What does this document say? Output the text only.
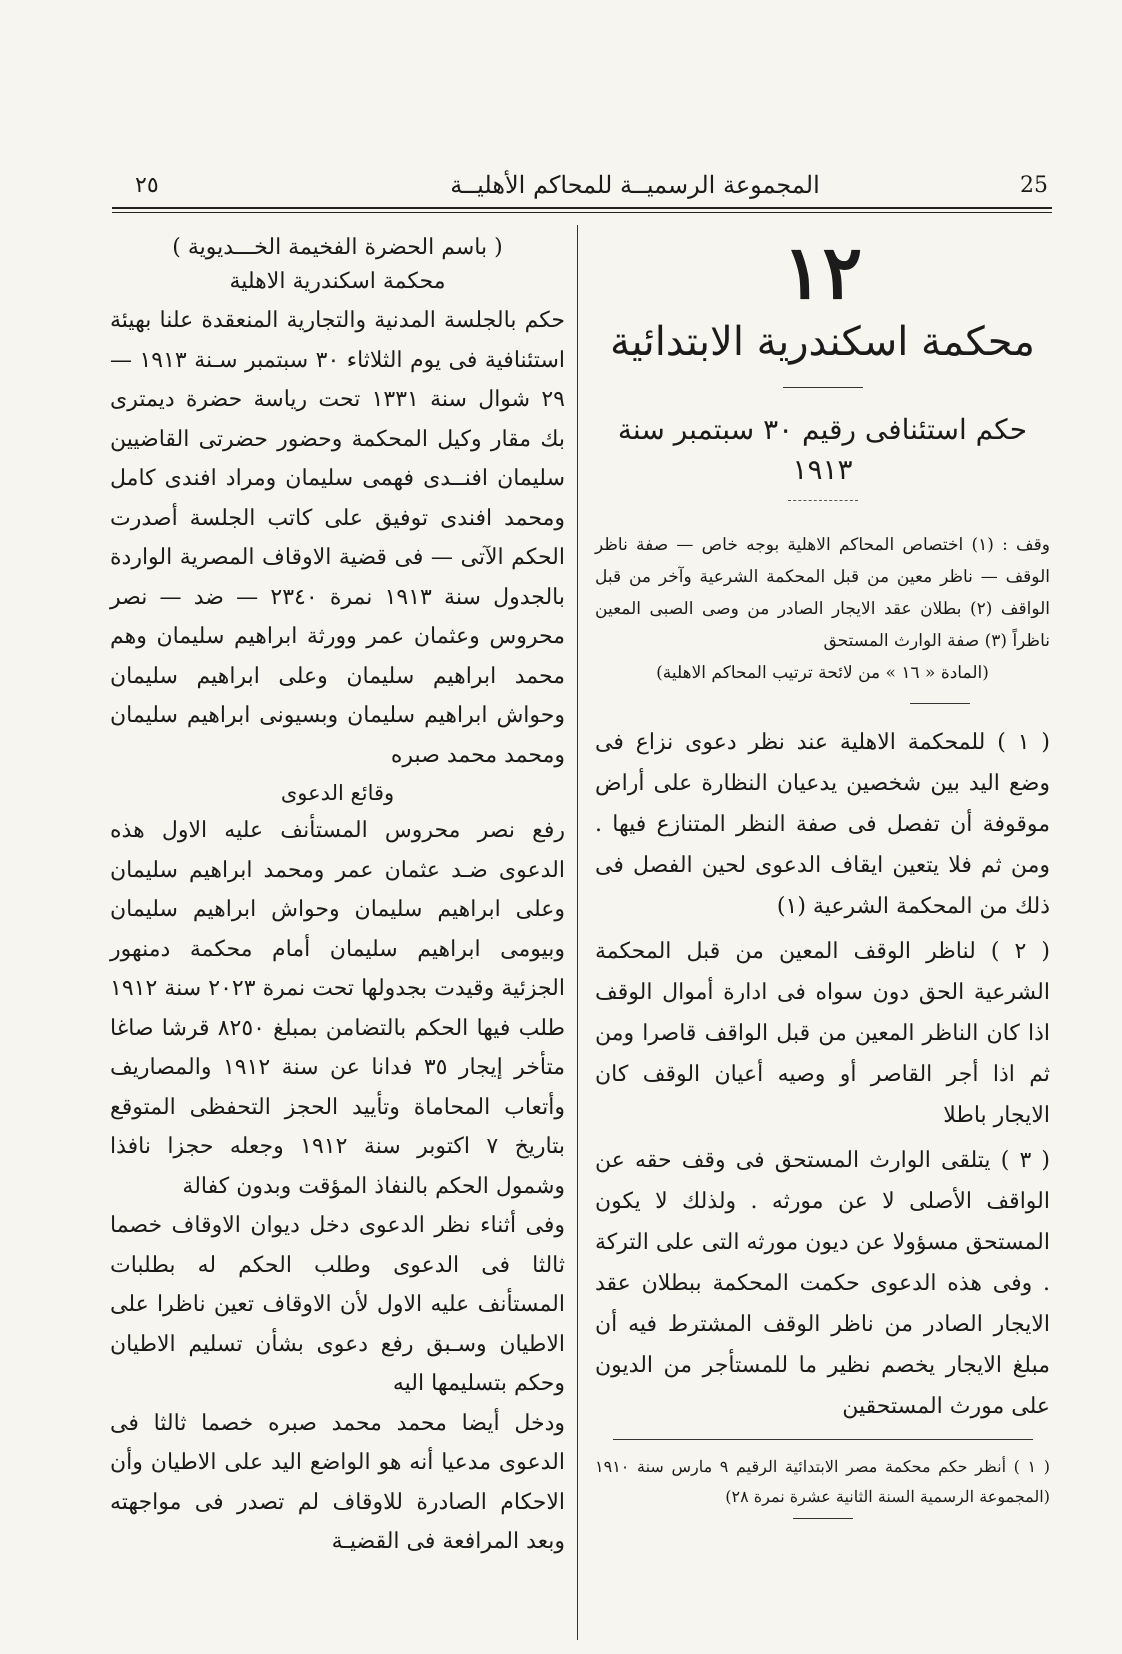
25
المجموعة الرسميــة للمحاكم الأهليــة
٢٥
١٢
محكمة اسكندرية الابتدائية
حكم استئنافى رقيم ٣٠ سبتمبر سنة ١٩١٣

وقف : (١) اختصاص المحاكم الاهلية بوجه خاص — صفة ناظر الوقف — ناظر معين من قبل المحكمة الشرعية وآخر من قبل الواقف (٢) بطلان عقد الايجار الصادر من وصى الصبى المعين ناظراً (٣) صفة الوارث المستحق

(المادة « ١٦ » من لائحة ترتيب المحاكم الاهلية)

( ١ ) للمحكمة الاهلية عند نظر دعوى نزاع فى وضع اليد بين شخصين يدعيان النظارة على أراض موقوفة أن تفصل فى صفة النظر المتنازع فيها . ومن ثم فلا يتعين ايقاف الدعوى لحين الفصل فى ذلك من المحكمة الشرعية (١)

( ٢ ) لناظر الوقف المعين من قبل المحكمة الشرعية الحق دون سواه فى ادارة أموال الوقف اذا كان الناظر المعين من قبل الواقف قاصرا ومن ثم اذا أجر القاصر أو وصيه أعيان الوقف كان الايجار باطلا

( ٣ ) يتلقى الوارث المستحق فى وقف حقه عن الواقف الأصلى لا عن مورثه . ولذلك لا يكون المستحق مسؤولا عن ديون مورثه التى على التركة . وفى هذه الدعوى حكمت المحكمة ببطلان عقد الايجار الصادر من ناظر الوقف المشترط فيه أن مبلغ الايجار يخصم نظير ما للمستأجر من الديون على مورث المستحقين

( ١ ) أنظر حكم محكمة مصر الابتدائية الرقيم ٩ مارس سنة ١٩١٠ (المجموعة الرسمية السنة الثانية عشرة نمرة ٢٨)
( باسم الحضرة الفخيمة الخـــديوية )
محكمة اسكندرية الاهلية

حكم بالجلسة المدنية والتجارية المنعقدة علنا بهيئة استئنافية فى يوم الثلاثاء ٣٠ سبتمبر سـنة ١٩١٣ — ٢٩ شوال سنة ١٣٣١ تحت رياسة حضرة ديمترى بك مقار وكيل المحكمة وحضور حضرتى القاضيين سليمان افنــدى فهمى سليمان ومراد افندى كامل ومحمد افندى توفيق على كاتب الجلسة أصدرت الحكم الآتى — فى قضية الاوقاف المصرية الواردة بالجدول سنة ١٩١٣ نمرة ٢٣٤٠ — ضد — نصر محروس وعثمان عمر وورثة ابراهيم سليمان وهم محمد ابراهيم سليمان وعلى ابراهيم سليمان وحواش ابراهيم سليمان وبسيونى ابراهيم سليمان ومحمد محمد صبره

وقائع الدعوى

رفع نصر محروس المستأنف عليه الاول هذه الدعوى ضـد عثمان عمر ومحمد ابراهيم سليمان وعلى ابراهيم سليمان وحواش ابراهيم سليمان وبيومى ابراهيم سليمان أمام محكمة دمنهور الجزئية وقيدت بجدولها تحت نمرة ٢٠٢٣ سنة ١٩١٢ طلب فيها الحكم بالتضامن بمبلغ ٨٢٥٠ قرشا صاغا متأخر إيجار ٣٥ فدانا عن سنة ١٩١٢ والمصاريف وأتعاب المحاماة وتأييد الحجز التحفظى المتوقع بتاريخ ٧ اكتوبر سنة ١٩١٢ وجعله حجزا نافذا وشمول الحكم بالنفاذ المؤقت وبدون كفالة

وفى أثناء نظر الدعوى دخل ديوان الاوقاف خصما ثالثا فى الدعوى وطلب الحكم له بطلبات المستأنف عليه الاول لأن الاوقاف تعين ناظرا على الاطيان وسـبق رفع دعوى بشأن تسليم الاطيان وحكم بتسليمها اليه

ودخل أيضا محمد محمد صبره خصما ثالثا فى الدعوى مدعيا أنه هو الواضع اليد على الاطيان وأن الاحكام الصادرة للاوقاف لم تصدر فى مواجهته وبعد المرافعة فى القضيـة
